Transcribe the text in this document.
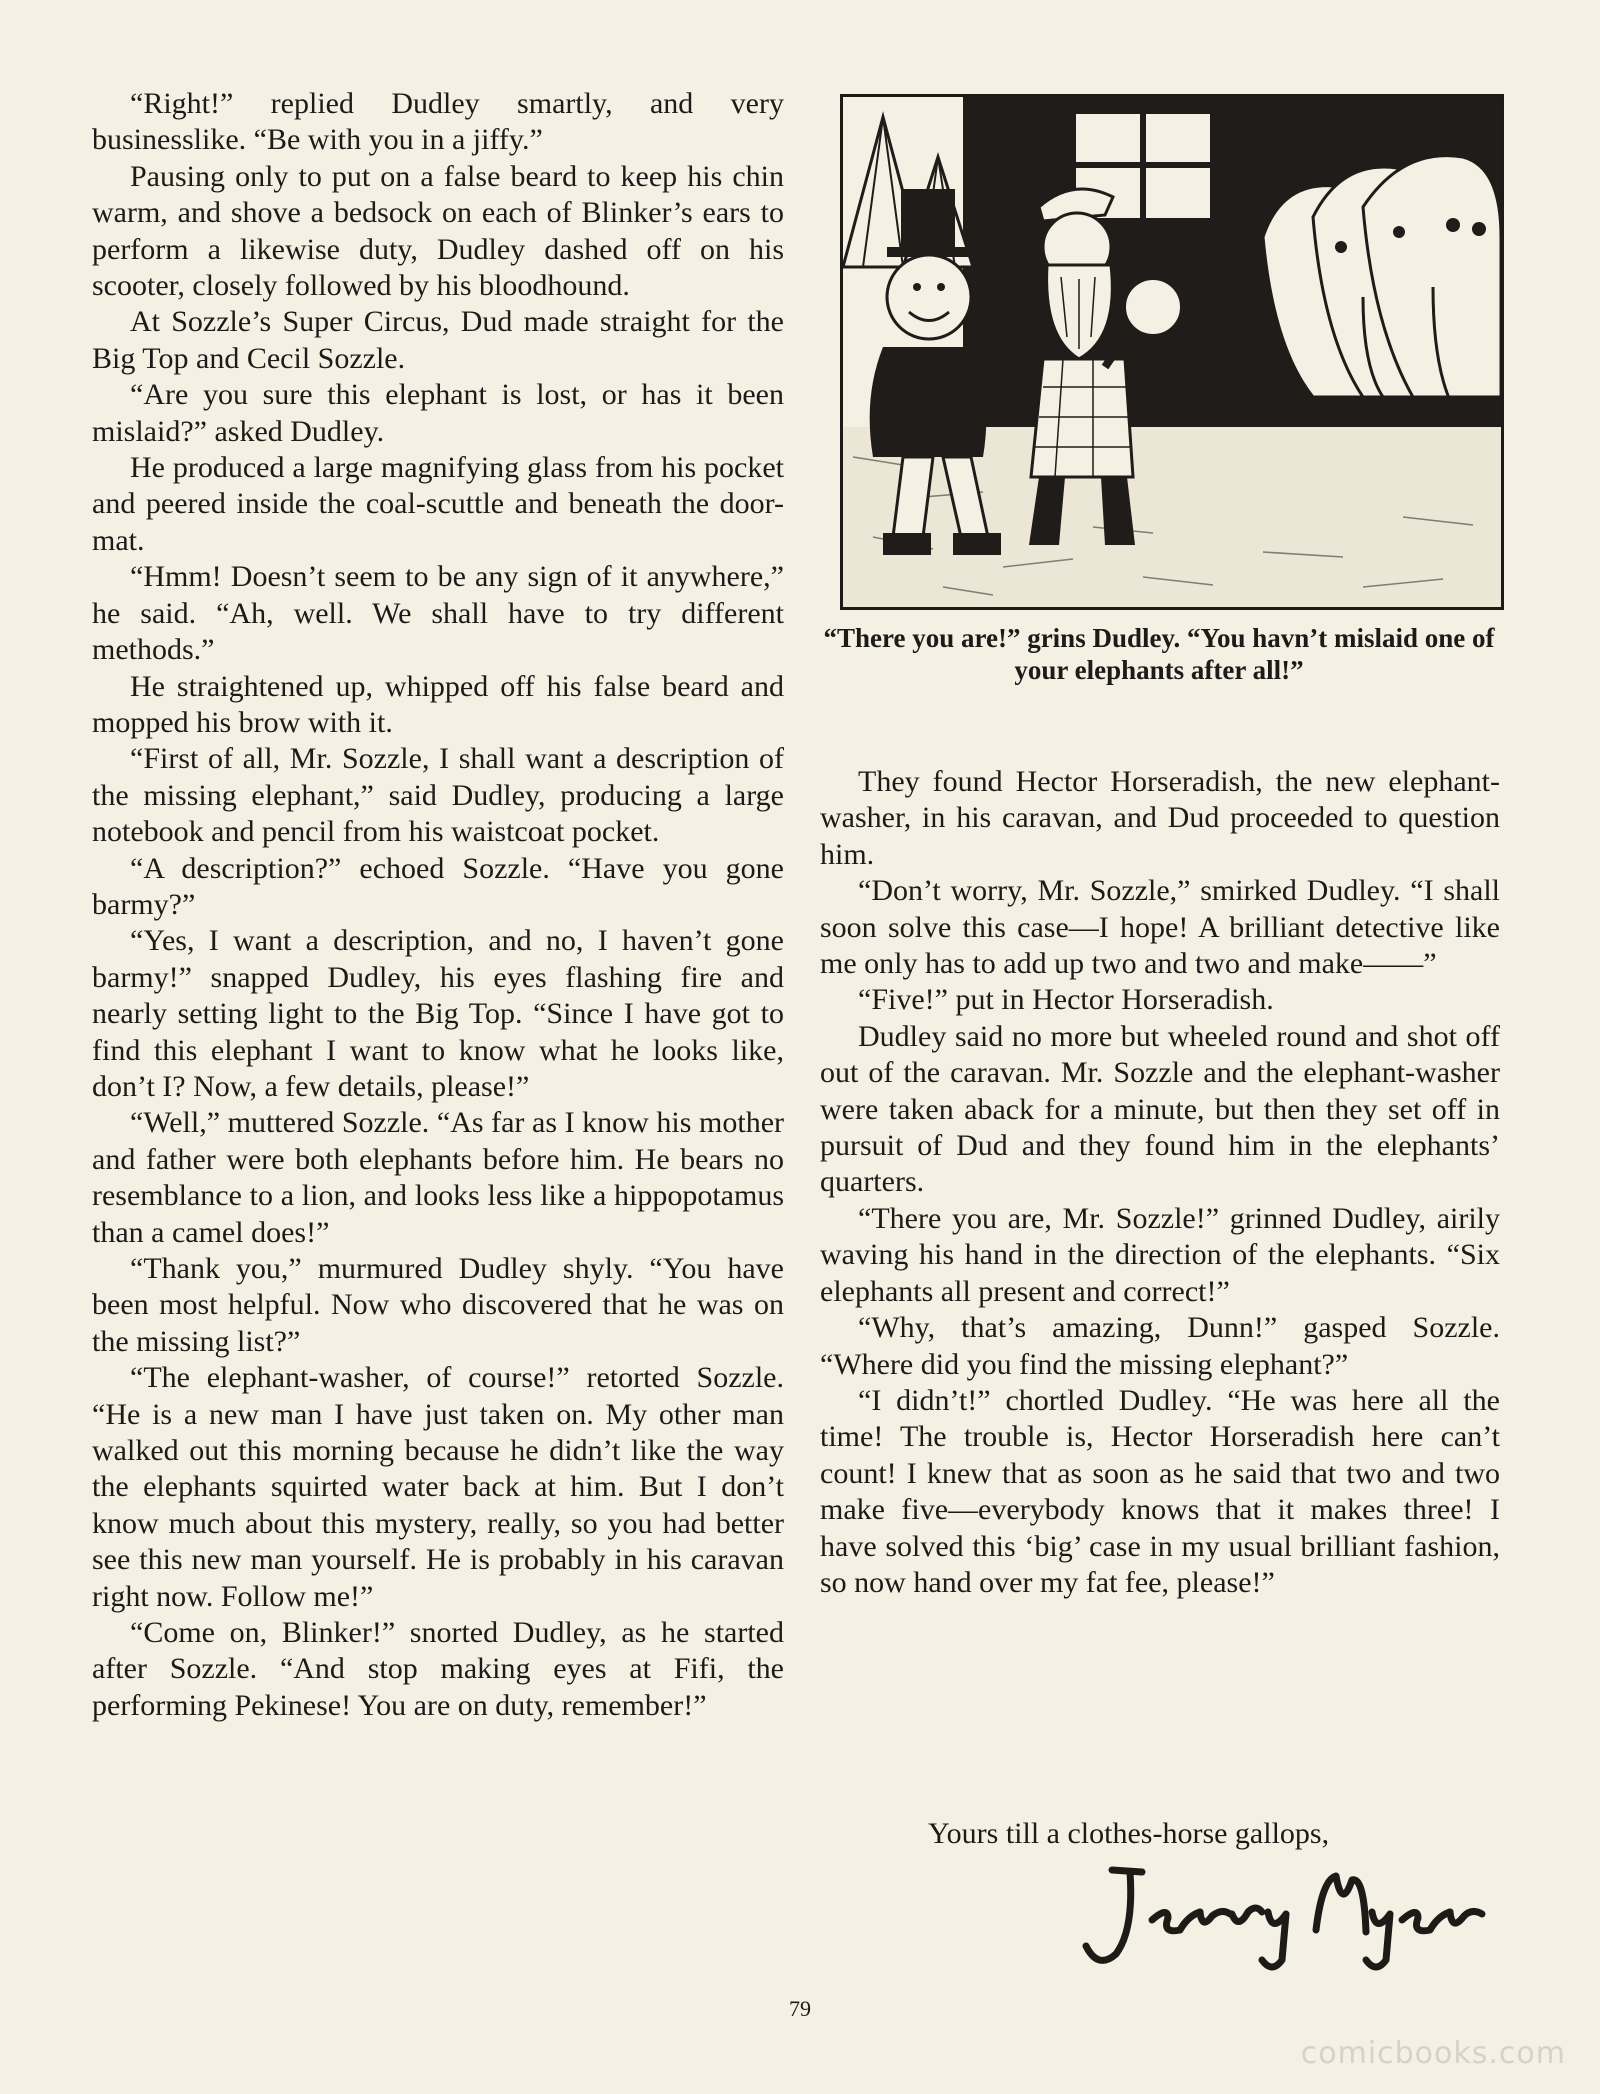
“Right!” replied Dudley smartly, and very businesslike. “Be with you in a jiffy.”

Pausing only to put on a false beard to keep his chin warm, and shove a bedsock on each of Blinker’s ears to perform a likewise duty, Dudley dashed off on his scooter, closely followed by his bloodhound.

At Sozzle’s Super Circus, Dud made straight for the Big Top and Cecil Sozzle.

“Are you sure this elephant is lost, or has it been mislaid?” asked Dudley.

He produced a large magnifying glass from his pocket and peered inside the coal-scuttle and beneath the door-mat.

“Hmm! Doesn’t seem to be any sign of it anywhere,” he said. “Ah, well. We shall have to try different methods.”

He straightened up, whipped off his false beard and mopped his brow with it.

“First of all, Mr. Sozzle, I shall want a description of the missing elephant,” said Dudley, producing a large notebook and pencil from his waistcoat pocket.

“A description?” echoed Sozzle. “Have you gone barmy?”

“Yes, I want a description, and no, I haven’t gone barmy!” snapped Dudley, his eyes flashing fire and nearly setting light to the Big Top. “Since I have got to find this elephant I want to know what he looks like, don’t I? Now, a few details, please!”

“Well,” muttered Sozzle. “As far as I know his mother and father were both elephants before him. He bears no resemblance to a lion, and looks less like a hippopotamus than a camel does!”

“Thank you,” murmured Dudley shyly. “You have been most helpful. Now who discovered that he was on the missing list?”

“The elephant-washer, of course!” retorted Sozzle. “He is a new man I have just taken on. My other man walked out this morning because he didn’t like the way the elephants squirted water back at him. But I don’t know much about this mystery, really, so you had better see this new man yourself. He is probably in his caravan right now. Follow me!”

“Come on, Blinker!” snorted Dudley, as he started after Sozzle. “And stop making eyes at Fifi, the performing Pekinese! You are on duty, remember!”

“There you are!” grins Dudley. “You havn’t mislaid one of your elephants after all!”

They found Hector Horseradish, the new elephant-washer, in his caravan, and Dud proceeded to question him.

“Don’t worry, Mr. Sozzle,” smirked Dudley. “I shall soon solve this case—I hope! A brilliant detective like me only has to add up two and two and make——”

“Five!” put in Hector Horseradish.

Dudley said no more but wheeled round and shot off out of the caravan. Mr. Sozzle and the elephant-washer were taken aback for a minute, but then they set off in pursuit of Dud and they found him in the elephants’ quarters.

“There you are, Mr. Sozzle!” grinned Dudley, airily waving his hand in the direction of the elephants. “Six elephants all present and correct!”

“Why, that’s amazing, Dunn!” gasped Sozzle. “Where did you find the missing elephant?”

“I didn’t!” chortled Dudley. “He was here all the time! The trouble is, Hector Horseradish here can’t count! I knew that as soon as he said that two and two make five—everybody knows that it makes three! I have solved this ‘big’ case in my usual brilliant fashion, so now hand over my fat fee, please!”

Yours till a clothes-horse gallops,
79
comicbooks.com
